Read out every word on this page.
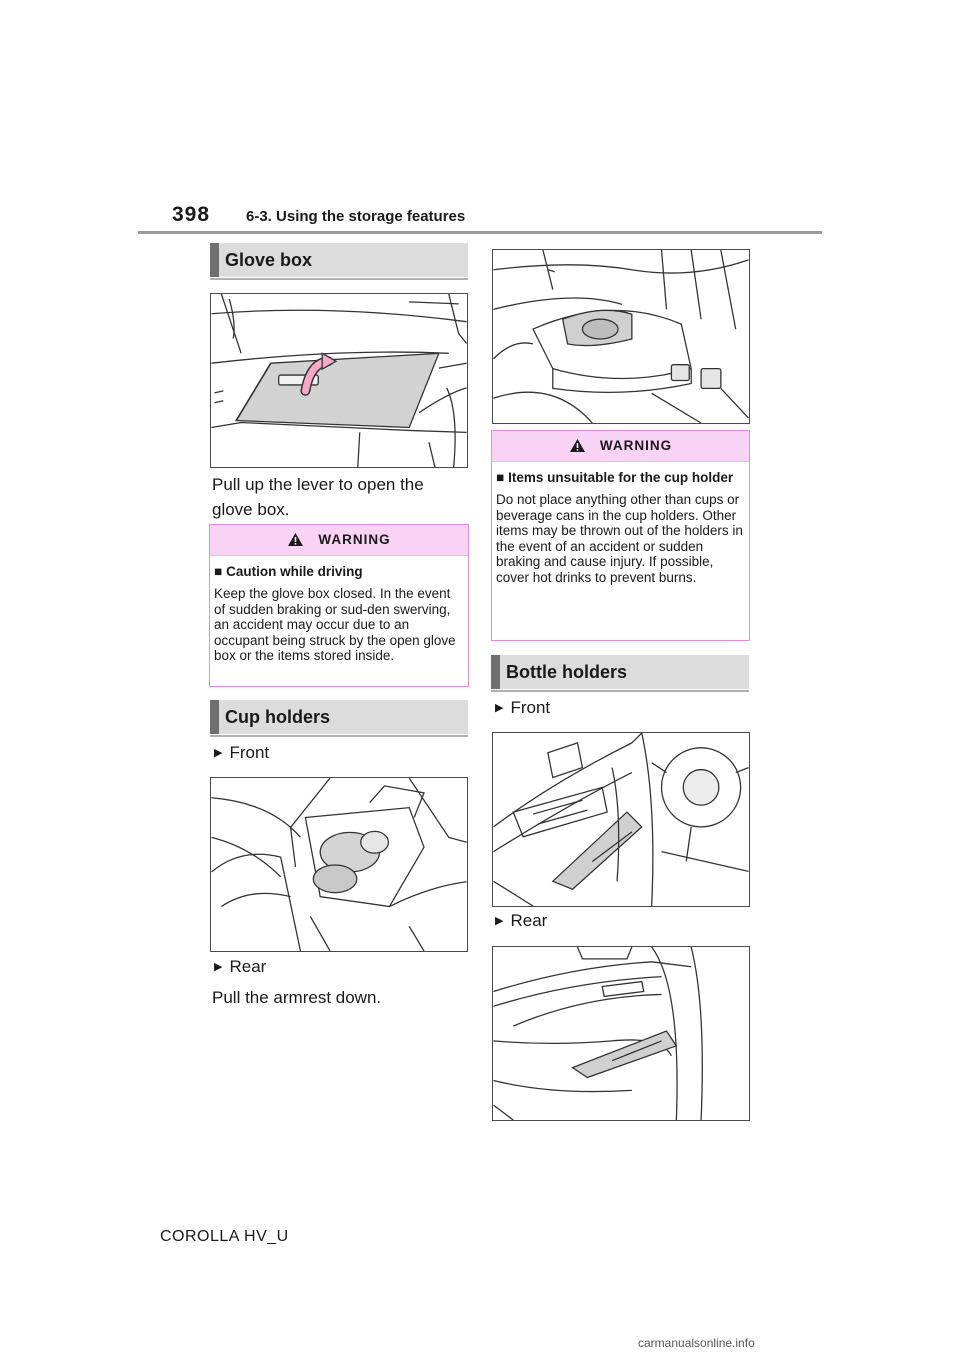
398 6-3. Using the storage features
Glove box
Pull up the lever to open the glove box.
WARNING
■ Caution while driving
Keep the glove box closed. In the event of sudden braking or sud-den swerving, an accident may occur due to an occupant being struck by the open glove box or the items stored inside.
Cup holders
▶ Front
▶ Rear
Pull the armrest down.
WARNING
■ Items unsuitable for the cup holder
Do not place anything other than cups or beverage cans in the cup holders. Other items may be thrown out of the holders in the event of an accident or sudden braking and cause injury. If possible, cover hot drinks to prevent burns.
Bottle holders
▶ Front
▶ Rear
COROLLA HV_U
carmanualsonline.info
